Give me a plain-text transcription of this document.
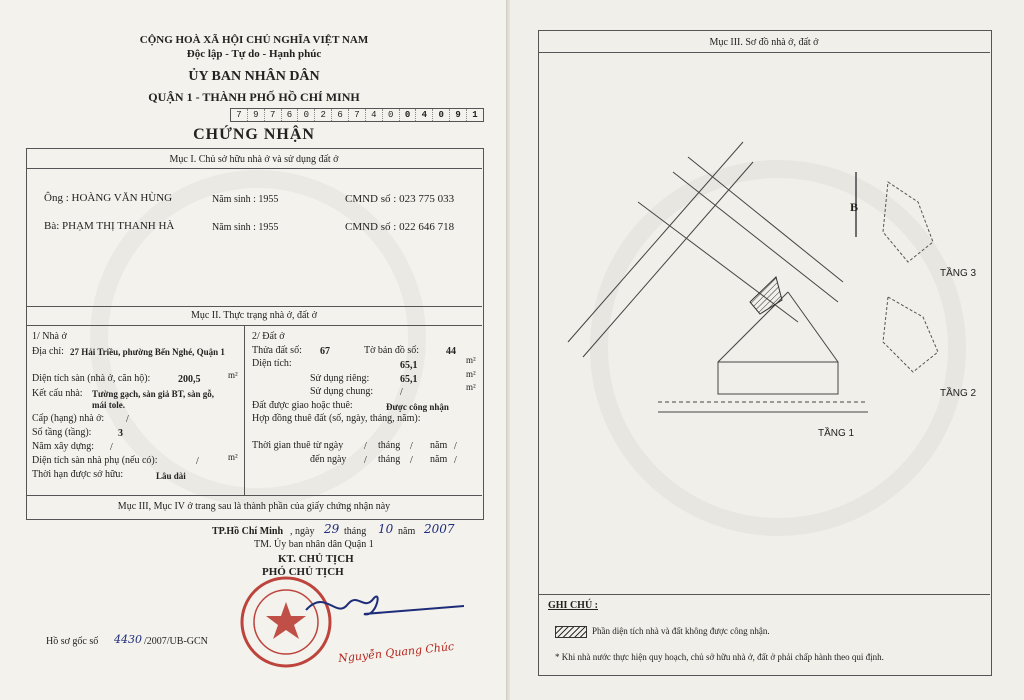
CỘNG HOÀ XÃ HỘI CHỦ NGHĨA VIỆT NAM
Độc lập - Tự do - Hạnh phúc
ỦY BAN NHÂN DÂN
QUẬN 1 - THÀNH PHỐ HỒ CHÍ MINH
7	9	7	6	0	2	6	7	4	0	0	4	0	9	1
CHỨNG NHẬN
Mục I. Chủ sở hữu nhà ở và sử dụng đất ở
Ông : HOÀNG VĂN HÙNG	Năm sinh : 1955	CMND số : 023 775 033
Bà: PHẠM THỊ THANH HÀ	Năm sinh : 1955	CMND số : 022 646 718
Mục II. Thực trạng nhà ở, đất ở
1/ Nhà ở
Địa chỉ: 27 Hải Triều, phường Bến Nghé, Quận 1
Diện tích sàn (nhà ở, căn hộ):	200,5	m²
Kết cấu nhà: Tường gạch, sàn giả BT, sàn gỗ,
mái tole.
Cấp (hạng) nhà ở: /
Số tầng (tầng):	3
Năm xây dựng: /
Diện tích sàn nhà phụ (nếu có):	/	m²
Thời hạn được sở hữu:	Lâu dài
2/ Đất ở
Thửa đất số: 67	Tờ bản đồ số:	44
Diện tích:	65,1	m²
Sử dụng riêng:	65,1	m²
Sử dụng chung:	/	m²
Đất được giao hoặc thuê:	Được công nhận
Hợp đồng thuê đất (số, ngày, tháng, năm):
Thời gian thuê từ ngày / tháng / năm /
đến ngày / tháng / năm /
Mục III, Mục IV ở trang sau là thành phần của giấy chứng nhận này
TP.Hồ Chí Minh , ngày 29 tháng 10 năm 2007
TM. Ủy ban nhân dân Quận 1
KT. CHỦ TỊCH
PHÓ CHỦ TỊCH
Nguyễn Quang Chúc
Hồ sơ gốc số 4430 /2007/UB-GCN
Mục III. Sơ đồ nhà ở, đất ở
B
TẦNG 3
TẦNG 2
TẦNG 1
GHI CHÚ :
Phần diện tích nhà và đất không được công nhận.
* Khi nhà nước thực hiện quy hoạch, chủ sở hữu nhà ở, đất ở phải chấp hành theo qui định.
